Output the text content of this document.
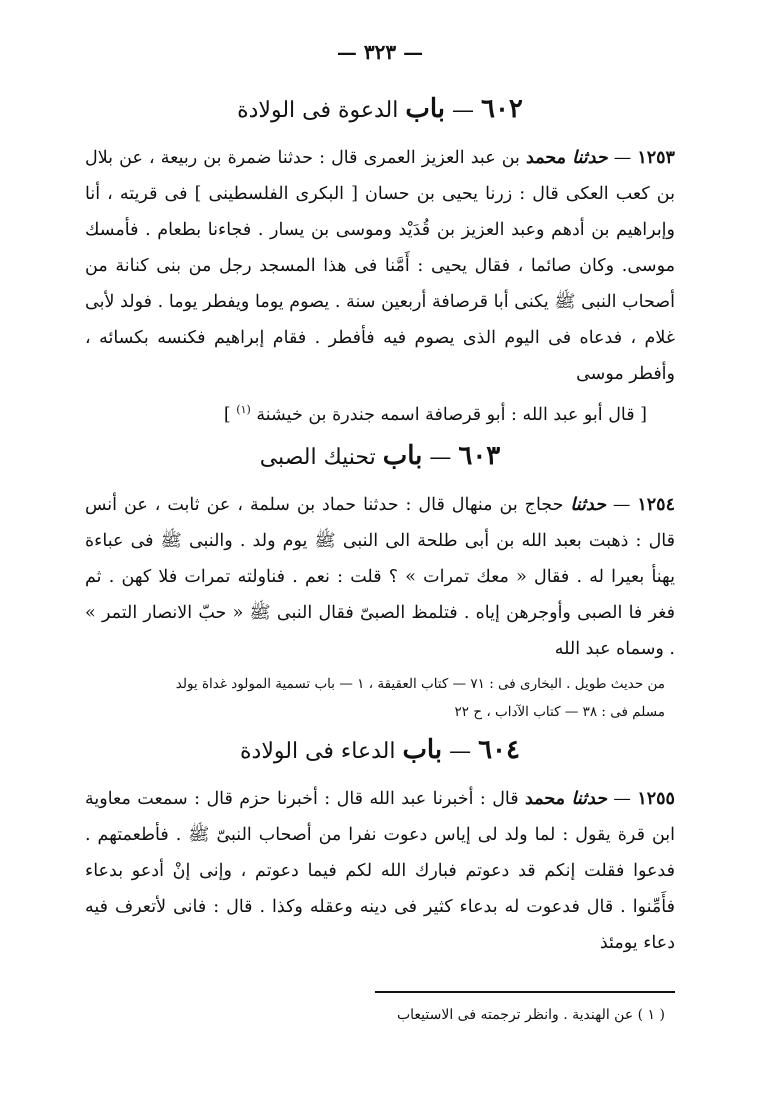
— ٣٢٣ —
٦٠٢ — باب الدعوة فى الولادة

١٢٥٣ — حدثنا محمد بن عبد العزيز العمرى قال : حدثنا ضمرة بن ربيعة ، عن بلال بن كعب العكى قال : زرنا يحيى بن حسان [ البكرى الفلسطينى ] فى قريته ، أنا وإبراهيم بن أدهم وعبد العزيز بن قُدَيْد وموسى بن يسار . فجاءنا بطعام . فأمسك موسى. وكان صائما ، فقال يحيى : أَمَّنا فى هذا المسجد رجل من بنى كنانة من أصحاب النبى ﷺ يكنى أبا قرصافة أربعين سنة . يصوم يوما ويفطر يوما . فولد لأبى غلام ، فدعاه فى اليوم الذى يصوم فيه فأفطر . فقام إبراهيم فكنسه بكسائه ، وأفطر موسى

[ قال أبو عبد الله : أبو قرصافة اسمه جندرة بن خيشنة $^{(١)}$ ]

٦٠٣ — باب تحنيك الصبى

١٢٥٤ — حدثنا حجاج بن منهال قال : حدثنا حماد بن سلمة ، عن ثابت ، عن أنس قال : ذهبت بعبد الله بن أبى طلحة الى النبى ﷺ يوم ولد . والنبى ﷺ فى عباءة يهنأ بعيرا له . فقال « معك تمرات » ؟ قلت : نعم . فناولته تمرات فلا كهن . ثم فغر فا الصبى وأوجرهن إياه . فتلمظ الصبىّ فقال النبى ﷺ « حبّ الانصار التمر » . وسماه عبد الله

من حديث طويل . البخارى فى : ٧١ — كتاب العقيقة ، ١ — باب تسمية المولود غداة يولد
مسلم فى : ٣٨ — كتاب الآداب ، ح ٢٢
٦٠٤ — باب الدعاء فى الولادة

١٢٥٥ — حدثنا محمد قال : أخبرنا عبد الله قال : أخبرنا حزم قال : سمعت معاوية ابن قرة يقول : لما ولد لى إياس دعوت نفرا من أصحاب النبىّ ﷺ . فأطعمتهم . فدعوا فقلت إنكم قد دعوتم فبارك الله لكم فيما دعوتم ، وإنى إنْ أدعو بدعاء فأَمِّنوا . قال فدعوت له بدعاء كثير فى دينه وعقله وكذا . قال : فانى لأتعرف فيه دعاء يومئذ

( ١ ) عن الهندية . وانظر ترجمته فى الاستيعاب
